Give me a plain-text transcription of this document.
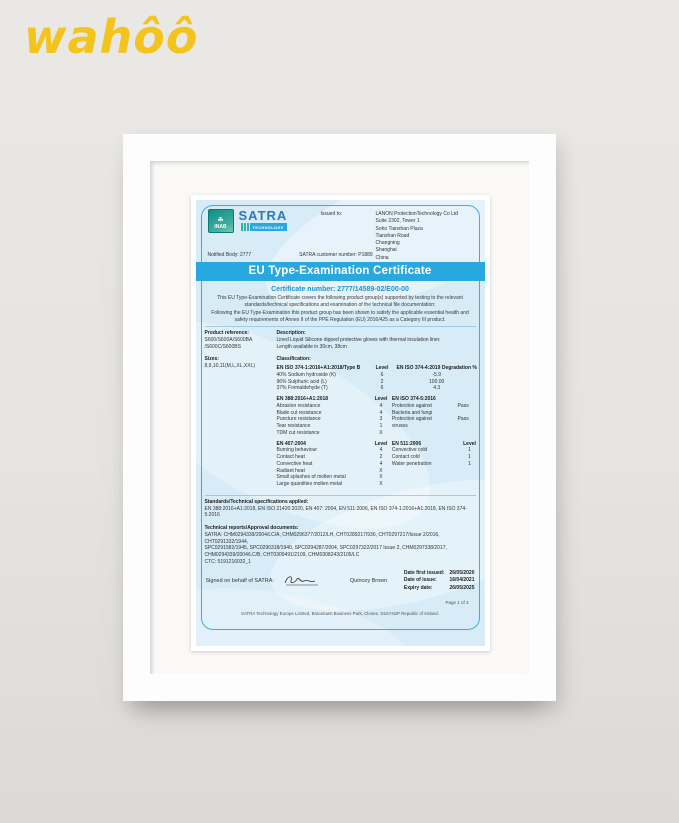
wahôô
☘
INAB
SATRA
TECHNOLOGY
Issued to:	LANON ProtectionTechnology Co Ltd
Suite 2302, Tower 1
Soho Tianshan Plaza
Tianshan Road
Changning
Shanghai
China
Notified Body: 2777	SATRA customer number: P1889
EU Type-Examination Certificate
Certificate number: 2777/14589-02/E00-00
This EU Type-Examination Certificate covers the following product group(s) supported by testing to the relevant standards/technical specifications and examination of the technical file documentation:
Following the EU Type-Examination this product group has been shown to satisfy the applicable essential health and safety requirements of Annex II of the PPE Regulation (EU) 2016/425 as a Category III product.
Product reference:
S600/S600A/S600BA
/S600C/S600BS
Sizes:
8,9,10,11(M,L,XL,XXL)
Description:
Lined Liquid Silicone dipped protective gloves with thermal insulation liner.
Length available in 30cm, 38cm
Classification:
EN ISO 374-1:2016+A1:2018/Type B	Level	EN ISO 374-4:2019 Degradation %
40% Sodium hydroxide (K)	6	-5.9
96% Sulphuric acid (L)	2	100.00
37% Formaldehyde (T)	6	4.3
EN 388:2016+A1:2018	Level EN ISO 374-5:2016
Abrasion resistance	4	Protection against	Pass
Blade cut resistance	4	Bacteria and fungi
Puncture resistance	3	Protection against	Pass
Tear resistance	1	viruses
TDM cut resistance	X
EN 407:2004	Level EN 511:2006	Level
Burning behaviour	4	Convective cold	1
Contact heat	2	Contact cold	1
Convective heat	4	Water penetration	1
Radiant heat	X
Small splashes of molten metal	X
Large quantities molten metal	X
Standards/Technical specifications applied:
EN 388:2016+A1:2018, EN ISO 21420:2020, EN 407: 2004, EN 511:2006, EN ISO 374-1:2016+A1:2018, EN ISO 374-5:2016
Technical reports/Approval documents:
SATRA: CHM0294339/2004/LC/A, CHM0296377/2012/LH, CHT0289217/936, CHT0297217/Issue 2/2016, CHT0291332/1944,
SPC0291582/1945, SPC0290318/1940, SPC0294287/2004, SPC0297322/2017 Issue 2, CHM0297338/2017,
CHM0294339/2004/LC/B, CHT0309491/2109, CHM0308243/2105/LC
CTC: 5191216032_1
Signed on behalf of SATRA:	Quincey Brown
Date first issued: 26/05/2020
Date of issue:	16/04/2021
Expiry date:	26/05/2025
Page 1 of 3
SATRA Technology Europe Limited, Bracetown Business Park, Clonee, D15YN2P Republic of Ireland.
